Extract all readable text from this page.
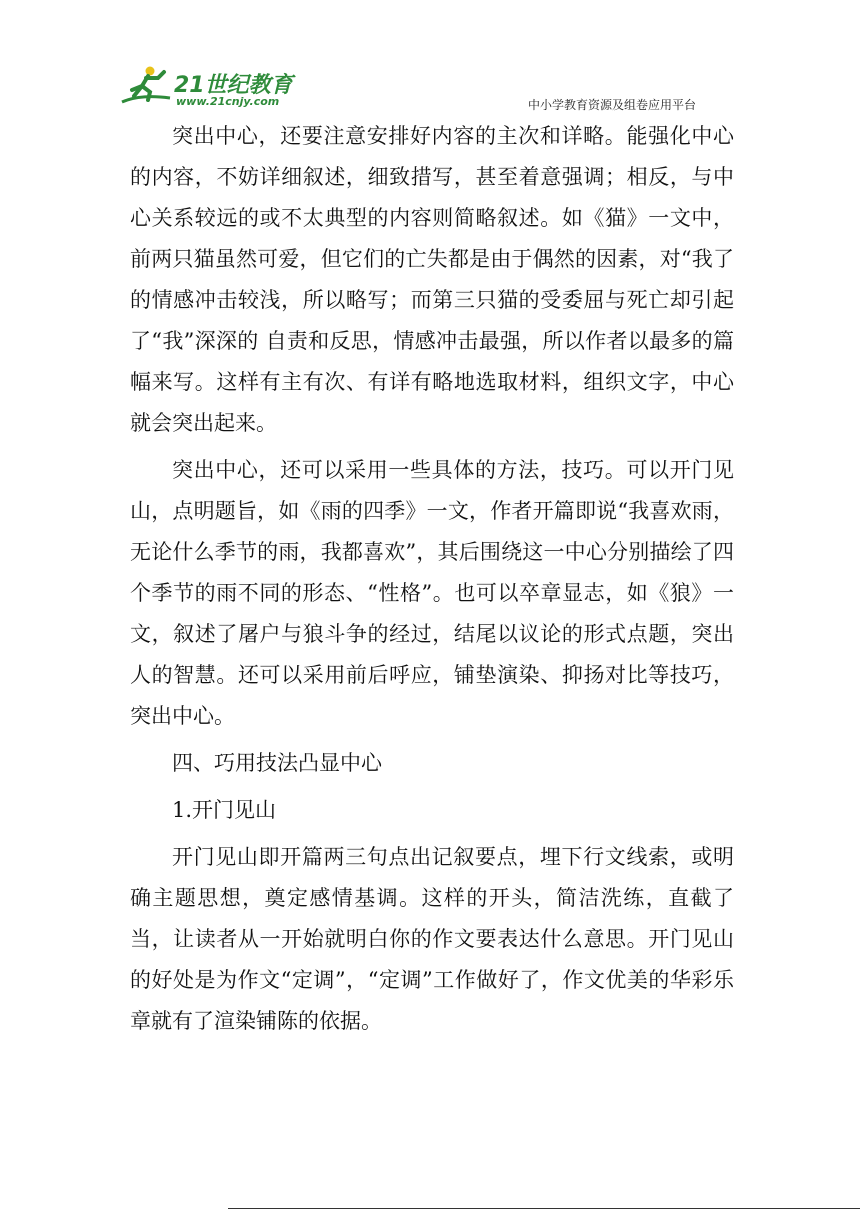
21世纪教育
www.21cnjy.com	中小学教育资源及组卷应用平台

突出中心，还要注意安排好内容的主次和详略。能强化中心的内容，不妨详细叙述，细致措写，甚至着意强调；相反，与中心关系较远的或不太典型的内容则简略叙述。如《猫》一文中，前两只猫虽然可爱，但它们的亡失都是由于偶然的因素，对“我了的情感冲击较浅，所以略写；而第三只猫的受委屈与死亡却引起了“我”深深的 自责和反思，情感冲击最强，所以作者以最多的篇幅来写。这样有主有次、有详有略地选取材料，组织文字，中心就会突出起来。

突出中心，还可以采用一些具体的方法，技巧。可以开门见山，点明题旨，如《雨的四季》一文，作者开篇即说“我喜欢雨，无论什么季节的雨，我都喜欢”，其后围绕这一中心分别描绘了四个季节的雨不同的形态、“性格”。也可以卒章显志，如《狼》一文，叙述了屠户与狼斗争的经过，结尾以议论的形式点题，突出人的智慧。还可以采用前后呼应，铺垫演染、抑扬对比等技巧，突出中心。

四、巧用技法凸显中心

1.开门见山

开门见山即开篇两三句点出记叙要点，埋下行文线索，或明确主题思想，奠定感情基调。这样的开头，简洁洗练，直截了当，让读者从一开始就明白你的作文要表达什么意思。开门见山的好处是为作文“定调”，“定调”工作做好了，作文优美的华彩乐章就有了渲染铺陈的依据。
